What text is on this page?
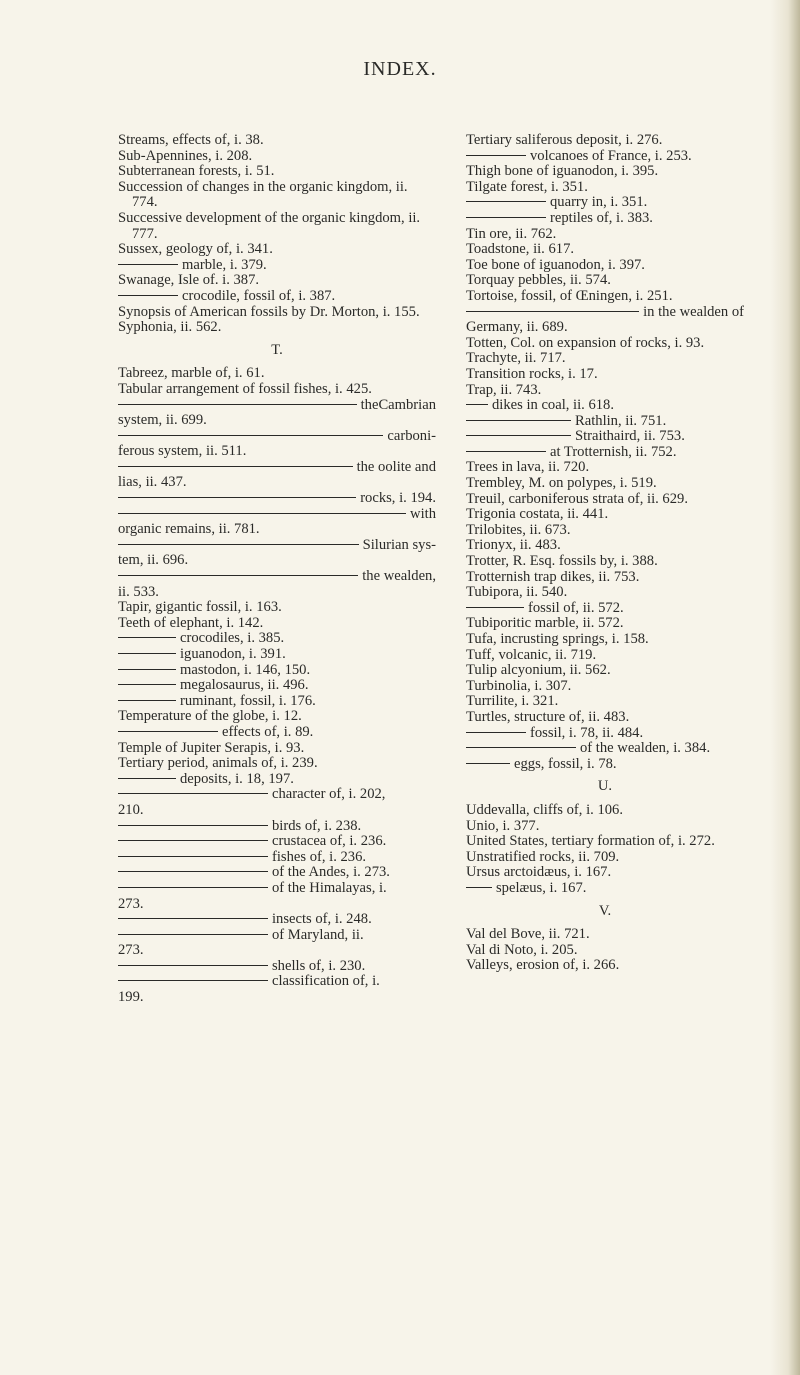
INDEX.
Streams, effects of, i. 38.
Sub-Apennines, i. 208.
Subterranean forests, i. 51.
Succession of changes in the organic kingdom, ii. 774.
Successive development of the organic kingdom, ii. 777.
Sussex, geology of, i. 341.
marble, i. 379.
Swanage, Isle of. i. 387.
crocodile, fossil of, i. 387.
Synopsis of American fossils by Dr. Morton, i. 155.
Syphonia, ii. 562.
T.
Tabreez, marble of, i. 61.
Tabular arrangement of fossil fishes, i. 425.
theCambrian
system, ii. 699.
carboni-
ferous system, ii. 511.
the oolite and
lias, ii. 437.
rocks, i. 194.
with
organic remains, ii. 781.
Silurian sys-
tem, ii. 696.
the wealden,
ii. 533.
Tapir, gigantic fossil, i. 163.
Teeth of elephant, i. 142.
crocodiles, i. 385.
iguanodon, i. 391.
mastodon, i. 146, 150.
megalosaurus, ii. 496.
ruminant, fossil, i. 176.
Temperature of the globe, i. 12.
effects of, i. 89.
Temple of Jupiter Serapis, i. 93.
Tertiary period, animals of, i. 239.
deposits, i. 18, 197.
character of, i. 202,
210.
birds of, i. 238.
crustacea of, i. 236.
fishes of, i. 236.
of the Andes, i. 273.
of the Himalayas, i.
273.
insects of, i. 248.
of Maryland, ii.
273.
shells of, i. 230.
classification of, i.
199.
Tertiary saliferous deposit, i. 276.
volcanoes of France, i. 253.
Thigh bone of iguanodon, i. 395.
Tilgate forest, i. 351.
quarry in, i. 351.
reptiles of, i. 383.
Tin ore, ii. 762.
Toadstone, ii. 617.
Toe bone of iguanodon, i. 397.
Torquay pebbles, ii. 574.
Tortoise, fossil, of Œningen, i. 251.
in the wealden of
Germany, ii. 689.
Totten, Col. on expansion of rocks, i. 93.
Trachyte, ii. 717.
Transition rocks, i. 17.
Trap, ii. 743.
dikes in coal, ii. 618.
Rathlin, ii. 751.
Straithaird, ii. 753.
at Trotternish, ii. 752.
Trees in lava, ii. 720.
Trembley, M. on polypes, i. 519.
Treuil, carboniferous strata of, ii. 629.
Trigonia costata, ii. 441.
Trilobites, ii. 673.
Trionyx, ii. 483.
Trotter, R. Esq. fossils by, i. 388.
Trotternish trap dikes, ii. 753.
Tubipora, ii. 540.
fossil of, ii. 572.
Tubiporitic marble, ii. 572.
Tufa, incrusting springs, i. 158.
Tuff, volcanic, ii. 719.
Tulip alcyonium, ii. 562.
Turbinolia, i. 307.
Turrilite, i. 321.
Turtles, structure of, ii. 483.
fossil, i. 78, ii. 484.
of the wealden, i. 384.
eggs, fossil, i. 78.
U.
Uddevalla, cliffs of, i. 106.
Unio, i. 377.
United States, tertiary formation of, i. 272.
Unstratified rocks, ii. 709.
Ursus arctoidæus, i. 167.
spelæus, i. 167.
V.
Val del Bove, ii. 721.
Val di Noto, i. 205.
Valleys, erosion of, i. 266.
